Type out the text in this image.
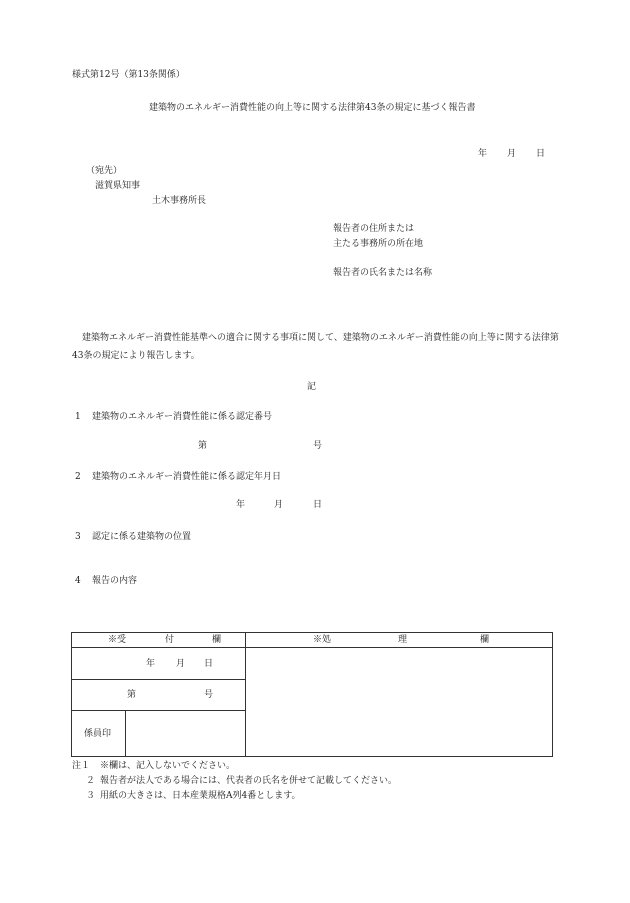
様式第12号（第13条関係）
建築物のエネルギー消費性能の向上等に関する法律第43条の規定に基づく報告書
年 月 日
（宛先）
滋賀県知事
土木事務所長
報告者の住所または
主たる事務所の所在地
報告者の氏名または名称
建築物エネルギー消費性能基準への適合に関する事項に関して、建築物のエネルギー消費性能の向上等に関する法律第43条の規定により報告します。
記
1 建築物のエネルギー消費性能に係る認定番号
第	号
2 建築物のエネルギー消費性能に係る認定年月日
年	月	日
3 認定に係る建築物の位置
4 報告の内容
※受	付	欄	※処	理	欄
年 月 日
第	号
係員印
注１ ※欄は、記入しないでください。
２ 報告者が法人である場合には、代表者の氏名を併せて記載してください。
３ 用紙の大きさは、日本産業規格A列4番とします。
